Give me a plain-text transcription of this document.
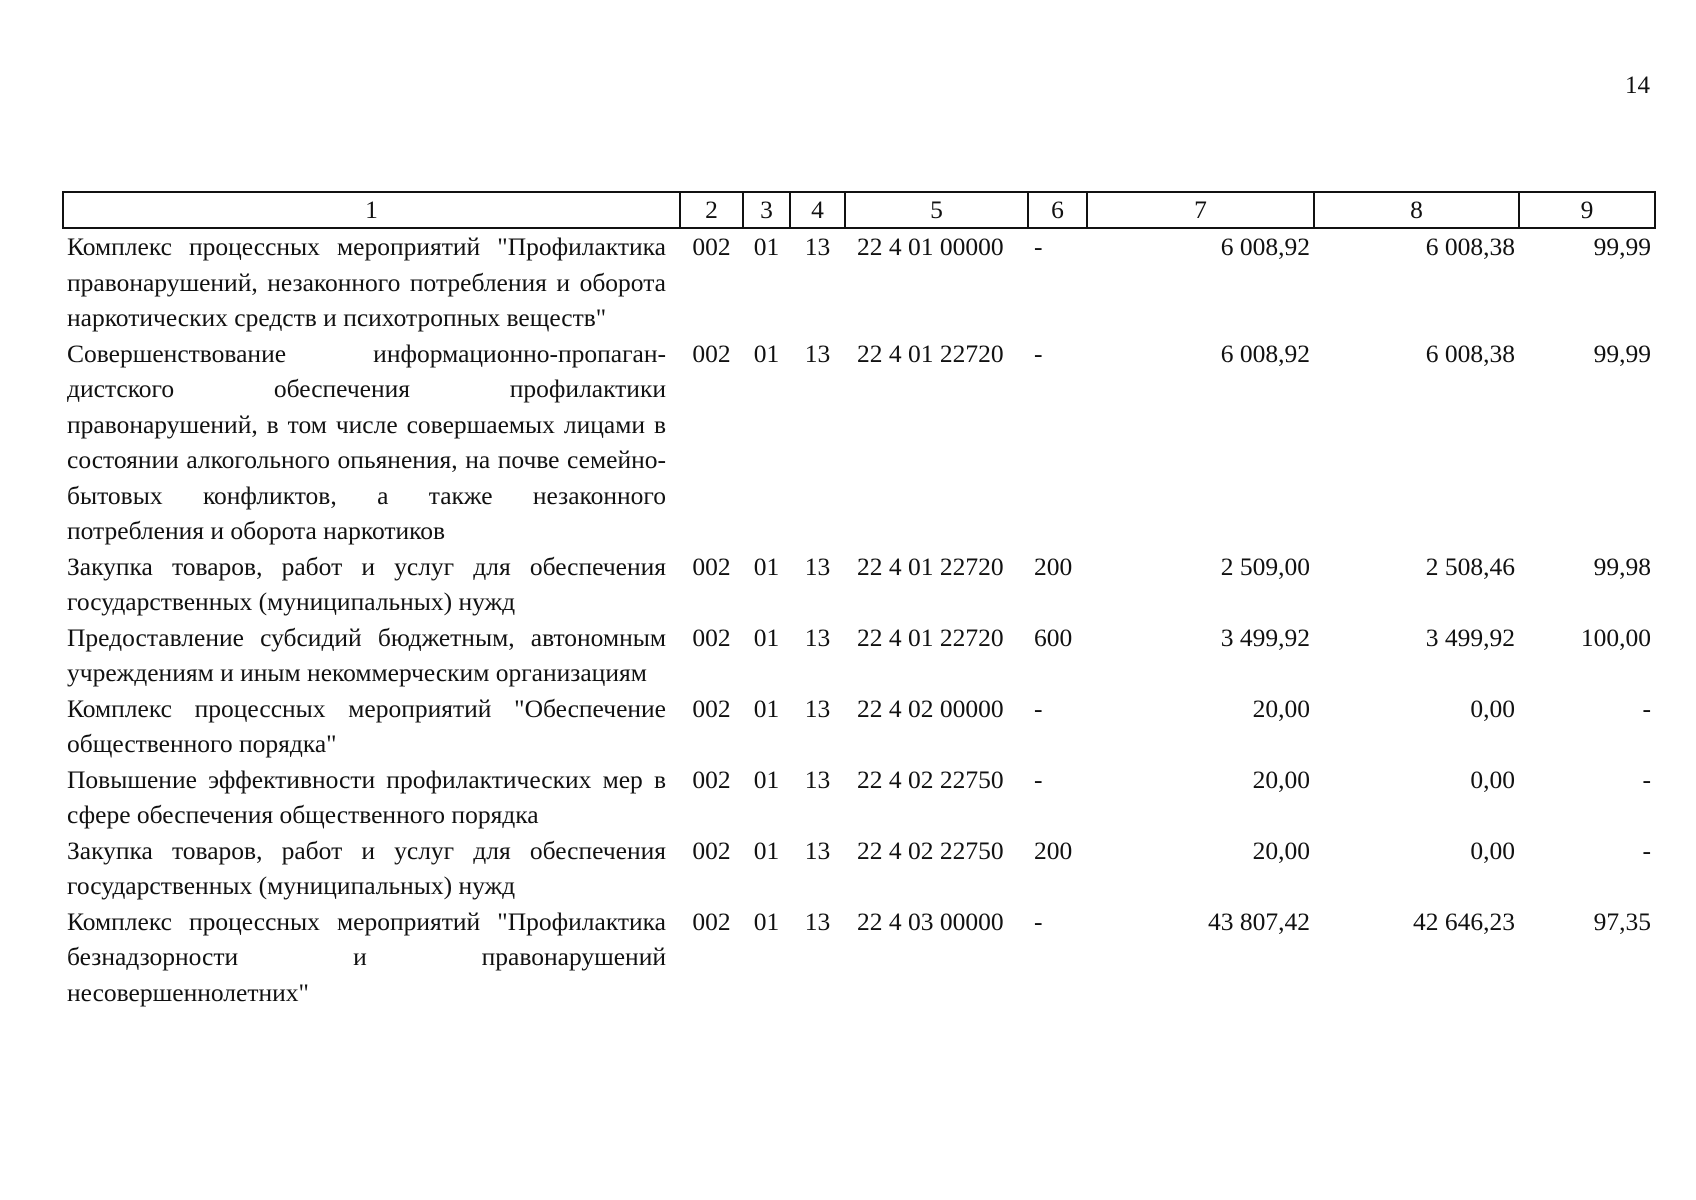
14
1	2	3	4	5	6	7	8	9
Комплекс процессных мероприятий "Профилактика правонарушений, незаконного потребления и оборота наркотических средств и психотропных веществ"	002	01	13	22 4 01 00000	-	6 008,92	6 008,38	99,99
Совершенствование информационно-пропаган-дистского обеспечения профилактики правонарушений, в том числе совершаемых лицами в состоянии алкогольного опьянения, на почве семейно-бытовых конфликтов, а также незаконного потребления и оборота наркотиков	002	01	13	22 4 01 22720	-	6 008,92	6 008,38	99,99
Закупка товаров, работ и услуг для обеспечения государственных (муниципальных) нужд	002	01	13	22 4 01 22720	200	2 509,00	2 508,46	99,98
Предоставление субсидий бюджетным, автономным учреждениям и иным некоммерческим организациям	002	01	13	22 4 01 22720	600	3 499,92	3 499,92	100,00
Комплекс процессных мероприятий "Обеспечение общественного порядка"	002	01	13	22 4 02 00000	-	20,00	0,00	-
Повышение эффективности профилактических мер в сфере обеспечения общественного порядка	002	01	13	22 4 02 22750	-	20,00	0,00	-
Закупка товаров, работ и услуг для обеспечения государственных (муниципальных) нужд	002	01	13	22 4 02 22750	200	20,00	0,00	-
Комплекс процессных мероприятий "Профилактика безнадзорности и правонарушений несовершеннолетних"	002	01	13	22 4 03 00000	-	43 807,42	42 646,23	97,35
